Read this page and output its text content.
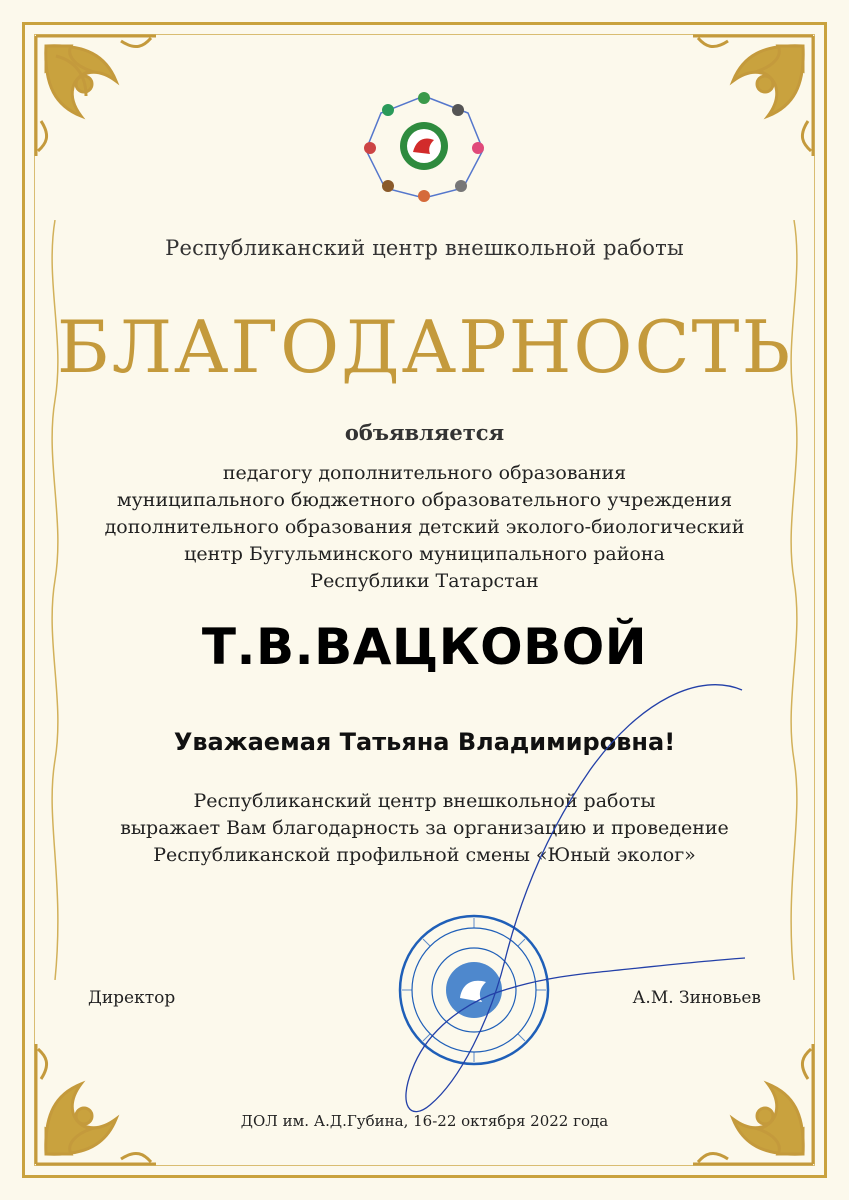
Республиканский центр внешкольной работы
БЛАГОДАРНОСТЬ
объявляется
педагогу дополнительного образования
муниципального бюджетного образовательного учреждения
дополнительного образования детский эколого-биологический
центр Бугульминского муниципального района
Республики Татарстан
Т.В.ВАЦКОВОЙ
Уважаемая Татьяна Владимировна!
Республиканский центр внешкольной работы
выражает Вам благодарность за организацию и проведение
Республиканской профильной смены «Юный эколог»
Директор	А.М. Зиновьев
ДОЛ им. А.Д.Губина, 16-22 октября 2022 года
